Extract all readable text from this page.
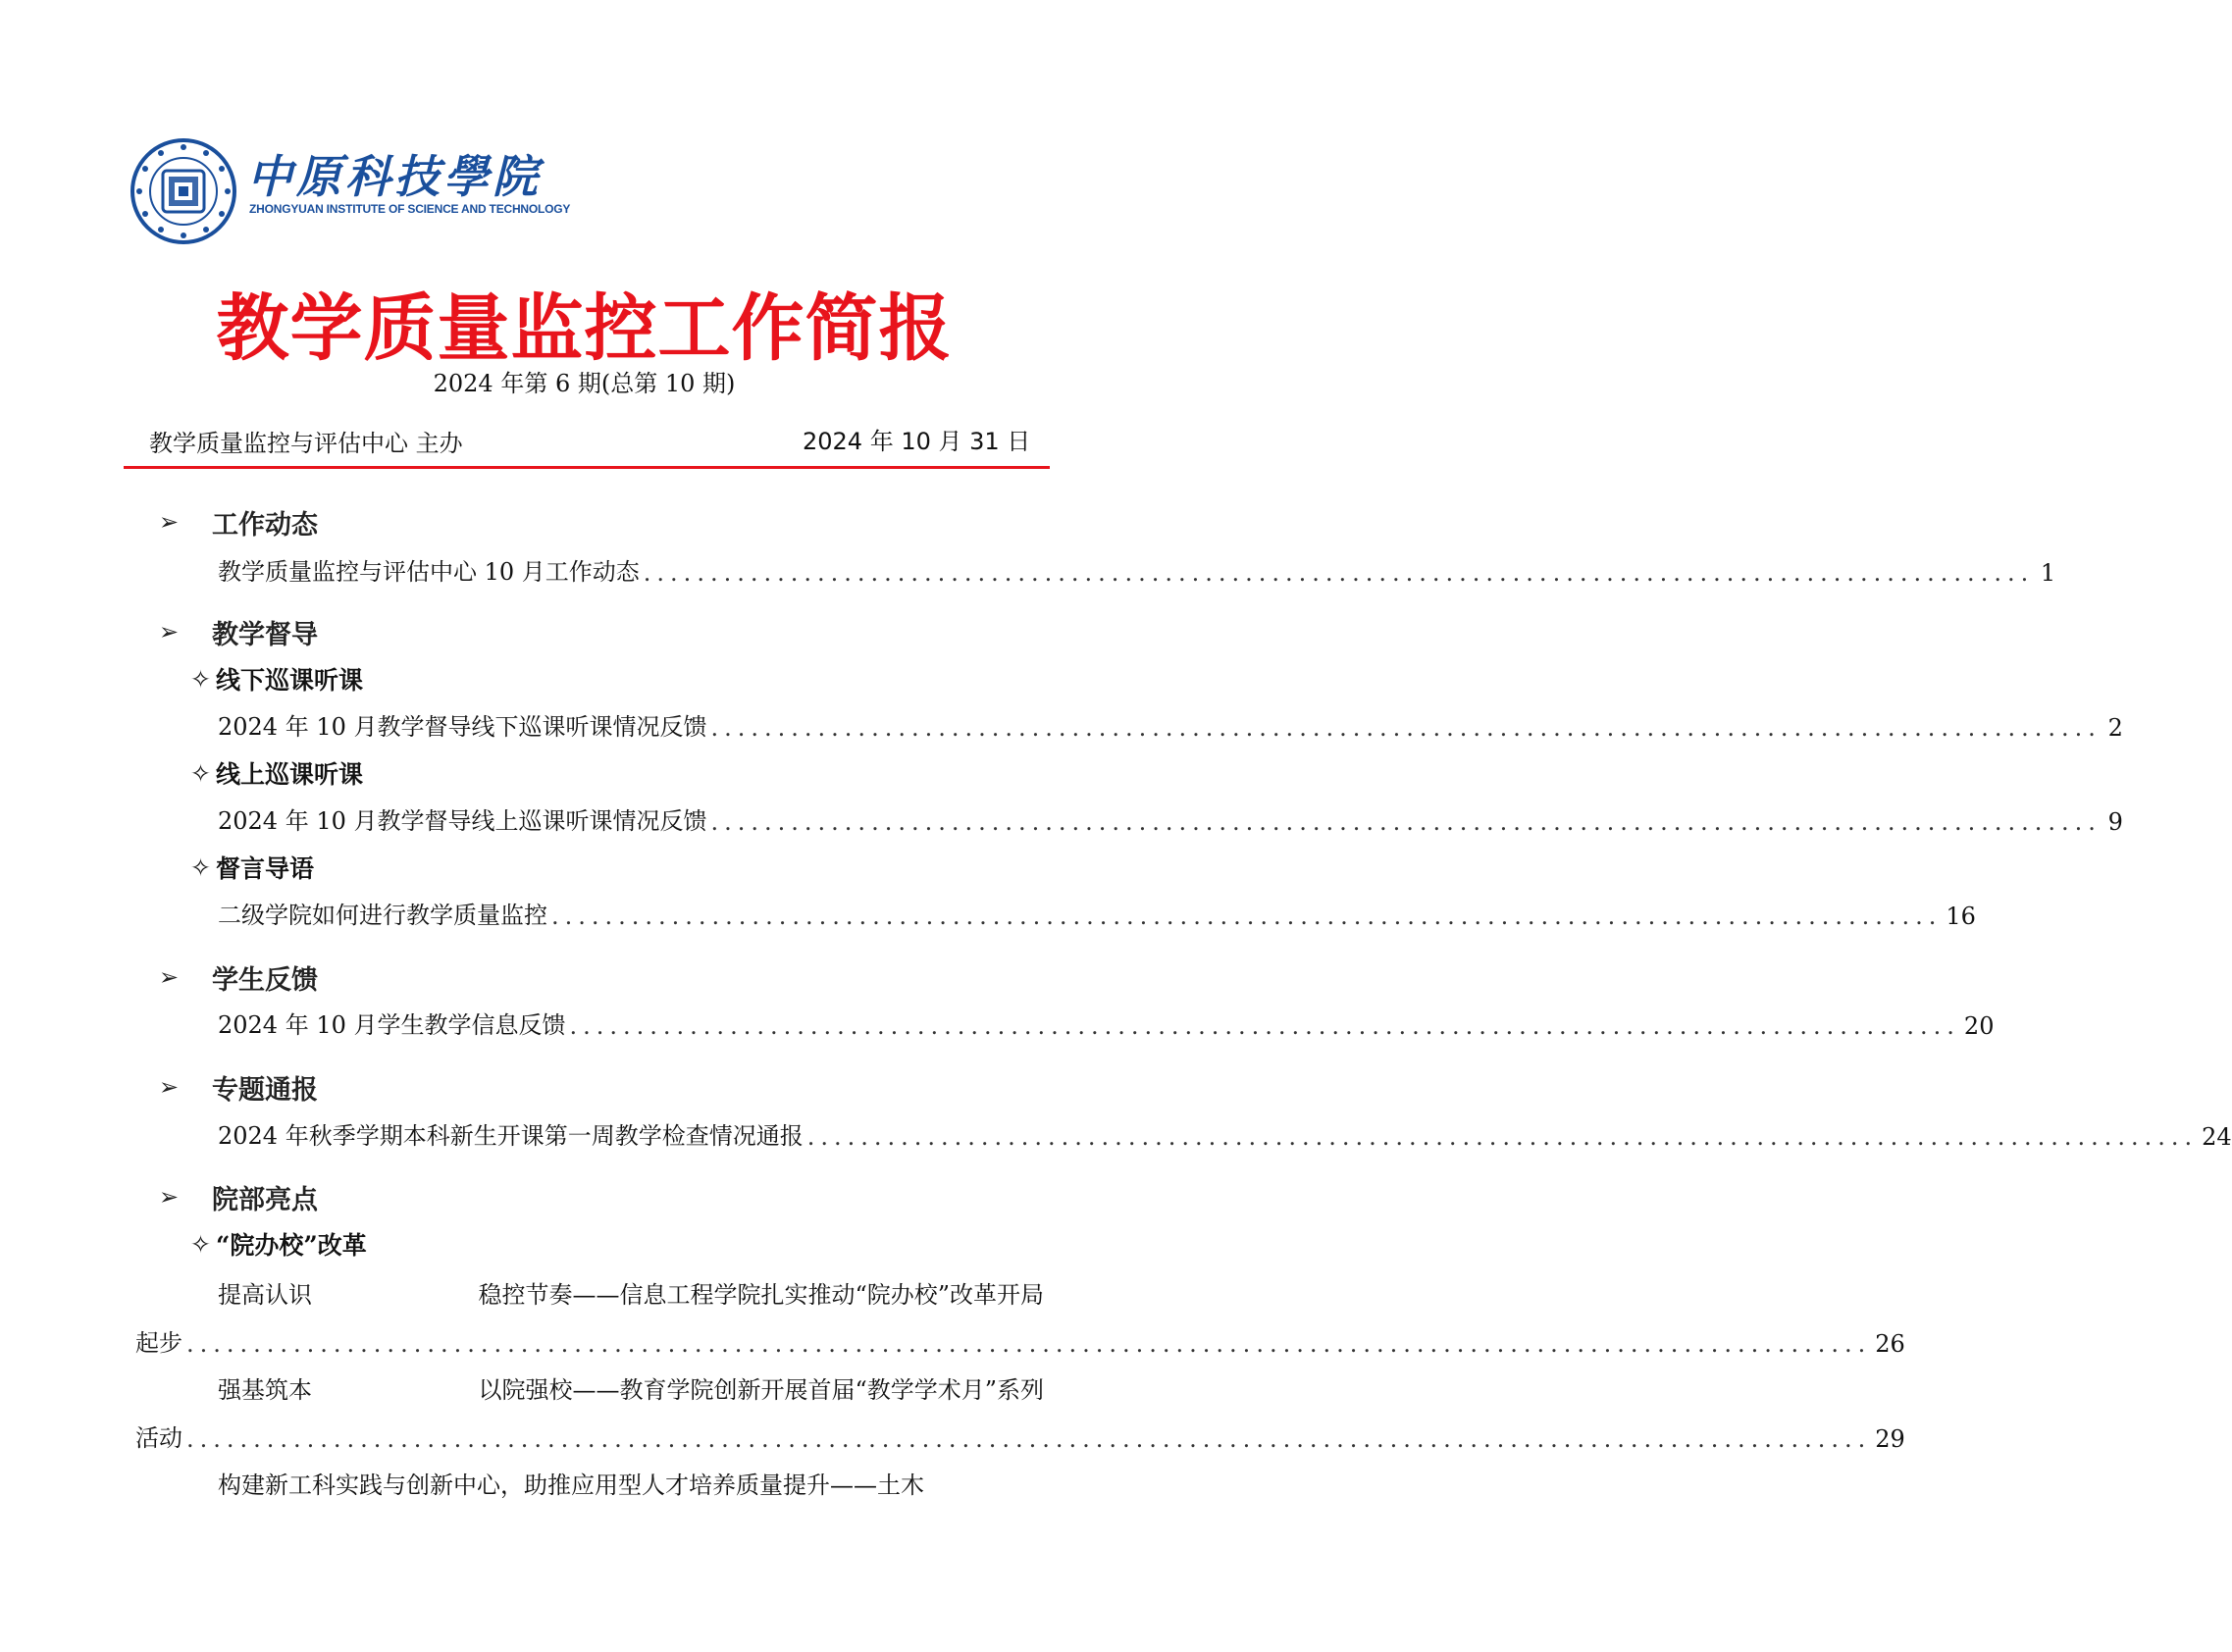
中原科技學院
ZHONGYUAN INSTITUTE OF SCIENCE AND TECHNOLOGY
教学质量监控工作简报
2024 年第 6 期(总第 10 期)
教学质量监控与评估中心 主办	2024 年 10 月 31 日
➢	工作动态
教学质量监控与评估中心 10 月工作动态 ........................................................................................................ 1
➢	教学督导
✧ 线下巡课听课
2024 年 10 月教学督导线下巡课听课情况反馈 ........................................................................................................ 2
✧ 线上巡课听课
2024 年 10 月教学督导线上巡课听课情况反馈 ........................................................................................................ 9
✧ 督言导语
二级学院如何进行教学质量监控 ........................................................................................................ 16
➢	学生反馈
2024 年 10 月学生教学信息反馈 ........................................................................................................ 20
➢	专题通报
2024 年秋季学期本科新生开课第一周教学检查情况通报 ........................................................................................................ 24
➢	院部亮点
✧ “院办校”改革
提高认识	稳控节奏——信息工程学院扎实推动“院办校”改革开局
起步 .............................................................................................................................. 26
强基筑本	以院强校——教育学院创新开展首届“教学学术月”系列
活动 .............................................................................................................................. 29
构建新工科实践与创新中心，助推应用型人才培养质量提升——土木
